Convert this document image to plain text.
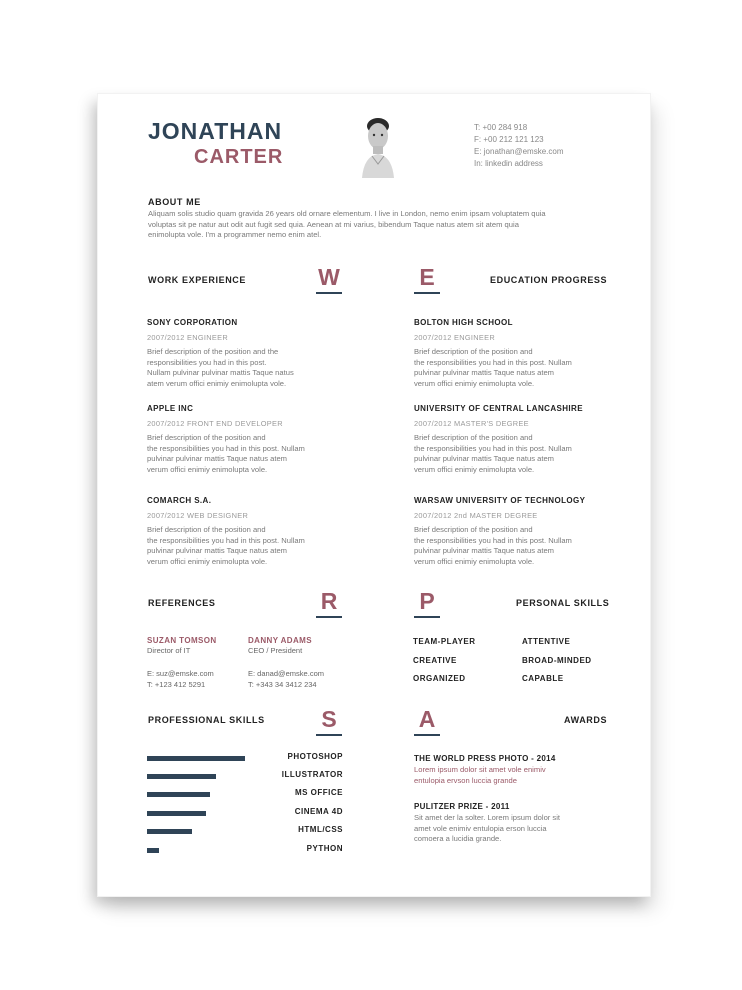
JONATHAN
CARTER
T: +00 284 918
F: +00 212 121 123
E: jonathan@emske.com
In: linkedin address
ABOUT ME
Aliquam solis studio quam gravida 26 years old ornare elementum. I live in London, nemo enim ipsam voluptatem quia
voluptas sit pe natur aut odit aut fugit sed quia. Aenean at mi varius, bibendum Taque natus atem sit atem quia
enimolupta vole. I'm a programmer nemo enim atel.
WORK EXPERIENCE	W	E	EDUCATION PROGRESS
SONY CORPORATION
2007/2012 ENGINEER
Brief description of the position and the
responsibilities you had in this post.
Nullam pulvinar pulvinar mattis Taque natus
atem verum offici enimiy enimolupta vole.
APPLE INC
2007/2012 FRONT END DEVELOPER
Brief description of the position and
the responsibilities you had in this post. Nullam
pulvinar pulvinar mattis Taque natus atem
verum offici enimiy enimolupta vole.
COMARCH S.A.
2007/2012 WEB DESIGNER
Brief description of the position and
the responsibilities you had in this post. Nullam
pulvinar pulvinar mattis Taque natus atem
verum offici enimiy enimolupta vole.
BOLTON HIGH SCHOOL
2007/2012 ENGINEER
Brief description of the position and
the responsibilities you had in this post. Nullam
pulvinar pulvinar mattis Taque natus atem
verum offici enimiy enimolupta vole.
UNIVERSITY OF CENTRAL LANCASHIRE
2007/2012 MASTER'S DEGREE
Brief description of the position and
the responsibilities you had in this post. Nullam
pulvinar pulvinar mattis Taque natus atem
verum offici enimiy enimolupta vole.
WARSAW UNIVERSITY OF TECHNOLOGY
2007/2012 2nd MASTER DEGREE
Brief description of the position and
the responsibilities you had in this post. Nullam
pulvinar pulvinar mattis Taque natus atem
verum offici enimiy enimolupta vole.
REFERENCES	R	P	PERSONAL SKILLS
SUZAN TOMSON
Director of IT
E: suz@emske.com
T: +123 412 5291
DANNY ADAMS
CEO / President
E: danad@emske.com
T: +343 34 3412 234
TEAM-PLAYER	ATTENTIVE
CREATIVE	BROAD-MINDED
ORGANIZED	CAPABLE
PROFESSIONAL SKILLS S	A	AWARDS
PHOTOSHOP
ILLUSTRATOR
MS OFFICE
CINEMA 4D
HTML/CSS
PYTHON
THE WORLD PRESS PHOTO - 2014
Lorem ipsum dolor sit amet vole enimiv
entulopia ervson luccia grande
PULITZER PRIZE - 2011
Sit amet der la solter. Lorem ipsum dolor sit
amet vole enimiv entulopia erson luccia
comoera a lucidia grande.
